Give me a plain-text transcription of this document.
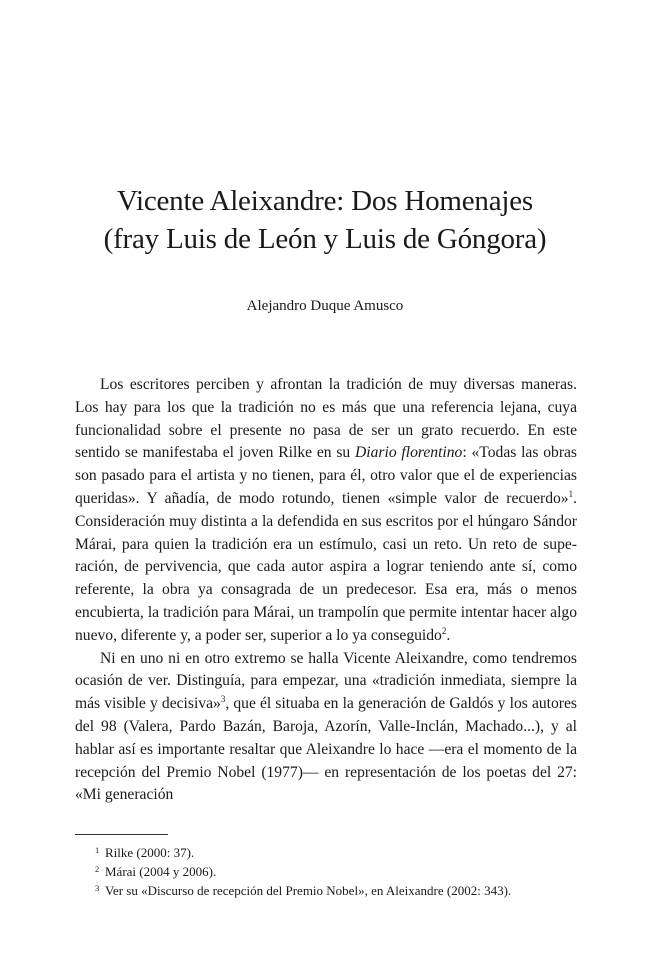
Vicente Aleixandre: Dos Homenajes
(fray Luis de León y Luis de Góngora)
Alejandro Duque Amusco

Los escritores perciben y afrontan la tradición de muy diversas maneras. Los hay para los que la tradición no es más que una referencia lejana, cuya funcionalidad sobre el presente no pasa de ser un grato recuerdo. En este sentido se manifestaba el joven Rilke en su Diario florentino: «Todas las obras son pasado para el artista y no tienen, para él, otro valor que el de experiencias queridas». Y añadía, de modo rotundo, tienen «simple valor de recuerdo»$^1$. Consideración muy distinta a la defendida en sus escritos por el húngaro Sándor Márai, para quien la tradición era un estímulo, casi un reto. Un reto de superación, de pervivencia, que cada autor aspira a lograr teniendo ante sí, como referente, la obra ya consagrada de un predecesor. Esa era, más o menos encubierta, la tradición para Márai, un trampolín que permite intentar hacer algo nuevo, diferente y, a poder ser, superior a lo ya conseguido$^2$.

Ni en uno ni en otro extremo se halla Vicente Aleixandre, como tendremos ocasión de ver. Distinguía, para empezar, una «tradición inmediata, siempre la más visible y decisiva»$^3$, que él situaba en la generación de Galdós y los autores del 98 (Valera, Pardo Bazán, Baroja, Azorín, Valle-Inclán, Machado...), y al hablar así es importante resaltar que Aleixandre lo hace —era el momento de la recepción del Premio Nobel (1977)— en representación de los poetas del 27: «Mi generación

1 Rilke (2000: 37).
2 Márai (2004 y 2006).
3 Ver su «Discurso de recepción del Premio Nobel», en Aleixandre (2002: 343).
